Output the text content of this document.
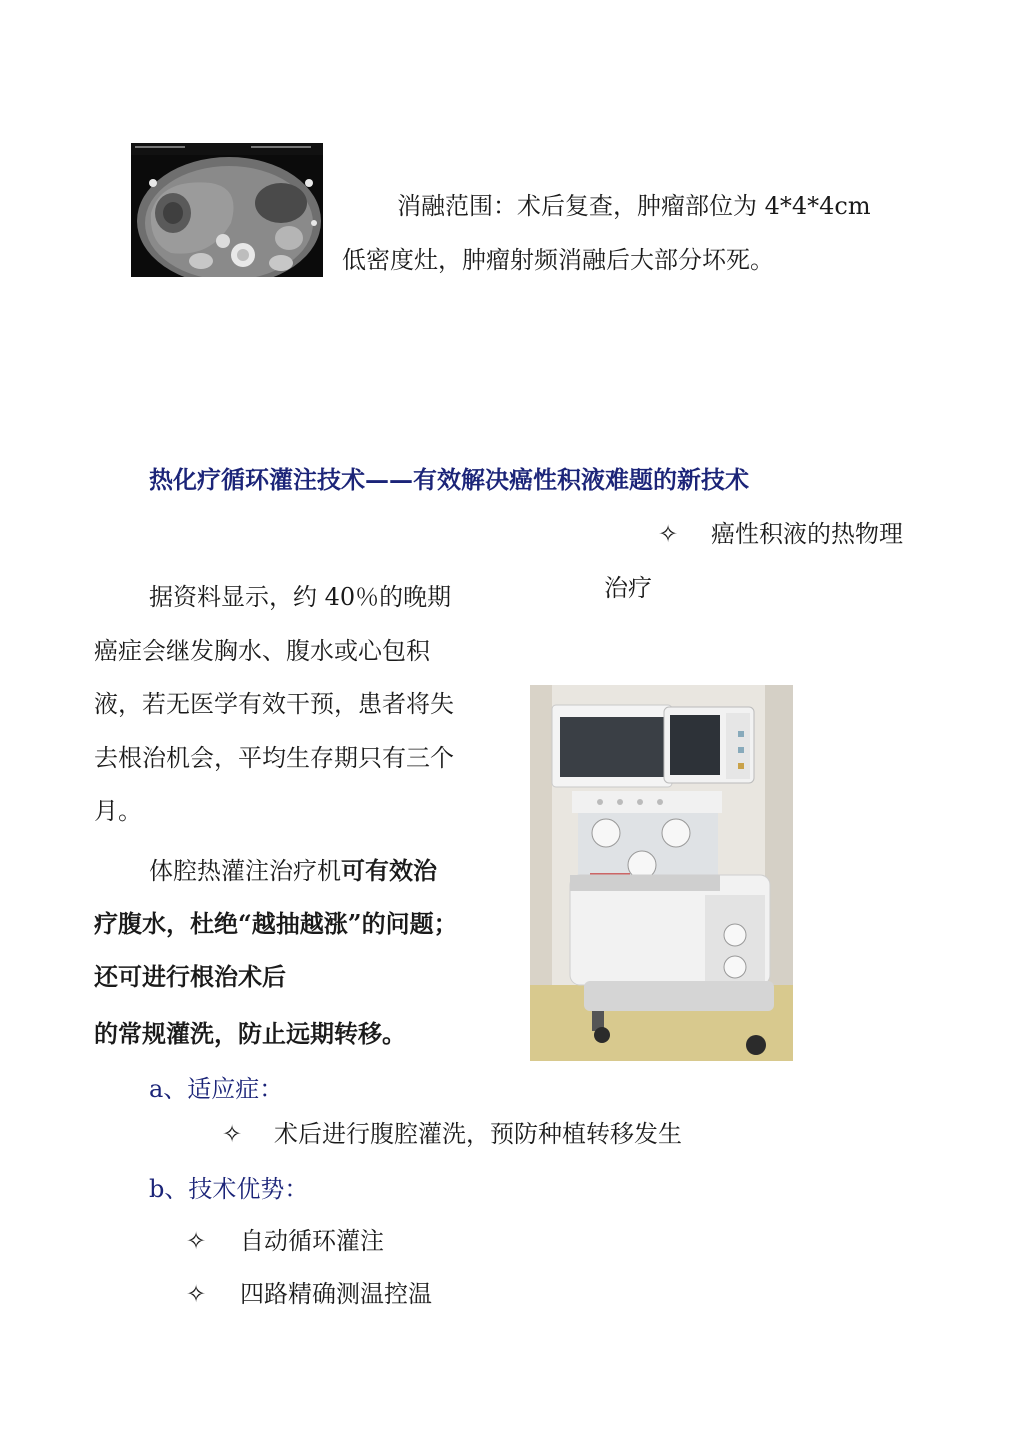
消融范围：术后复查，肿瘤部位为 4*4*4cm
低密度灶，肿瘤射频消融后大部分坏死。
热化疗循环灌注技术——有效解决癌性积液难题的新技术
✧ 癌性积液的热物理
治疗
据资料显示，约 40％的晚期
癌症会继发胸水、腹水或心包积
液，若无医学有效干预，患者将失
去根治机会，平均生存期只有三个
月。
体腔热灌注治疗机可有效治
疗腹水，杜绝“越抽越涨”的问题；
还可进行根治术后
的常规灌洗，防止远期转移。
a、适应症：
✧ 术后进行腹腔灌洗，预防种植转移发生
b、技术优势：
✧ 自动循环灌注
✧ 四路精确测温控温
